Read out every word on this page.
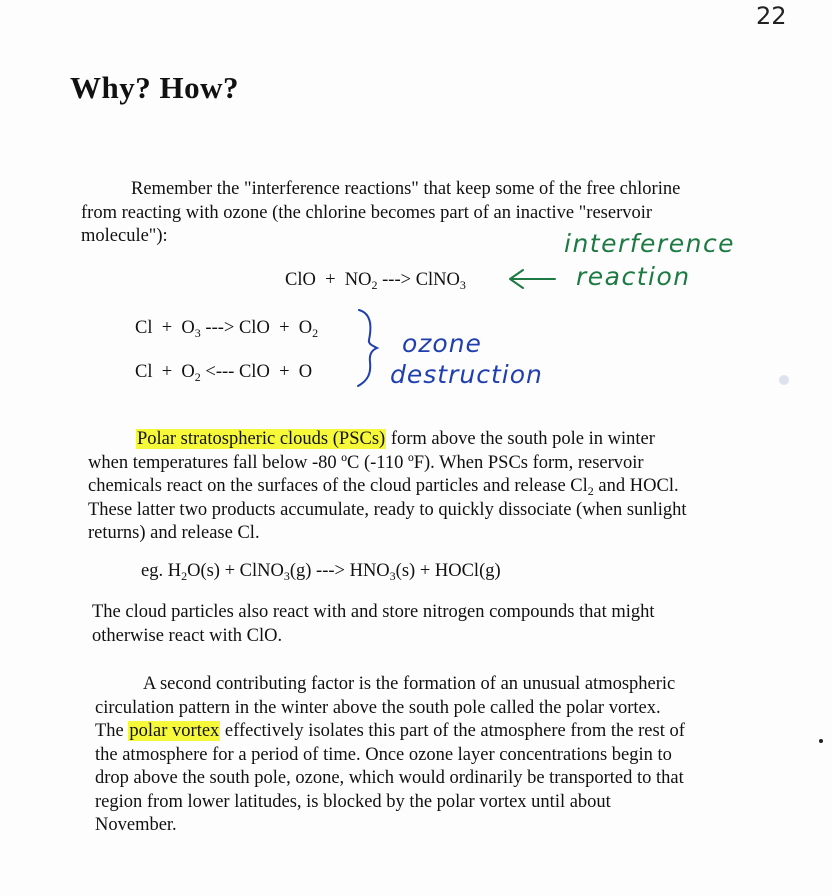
22
Why? How?
Remember the "interference reactions" that keep some of the free chlorine
from reacting with ozone (the chlorine becomes part of an inactive "reservoir
molecule"):
ClO + $NO_2$ ---> ClNO$_3$
interference
reaction
$Cl + O_3$ ---> ClO + $O_2$
$Cl + O_2$ <--- ClO + O
ozone
destruction
Polar stratospheric clouds (PSCs) form above the south pole in winter
when temperatures fall below -80 ºC (-110 ºF). When PSCs form, reservoir
chemicals react on the surfaces of the cloud particles and release $Cl_2$ and HOCl.
These latter two products accumulate, ready to quickly dissociate (when sunlight
returns) and release Cl.
eg. $H_2O(s)$ + ClNO$_3$(g) ---> $HNO_3(s)$ + HOCl(g)
The cloud particles also react with and store nitrogen compounds that might
otherwise react with ClO.
A second contributing factor is the formation of an unusual atmospheric
circulation pattern in the winter above the south pole called the polar vortex.
The polar vortex effectively isolates this part of the atmosphere from the rest of
the atmosphere for a period of time. Once ozone layer concentrations begin to
drop above the south pole, ozone, which would ordinarily be transported to that
region from lower latitudes, is blocked by the polar vortex until about
November.
